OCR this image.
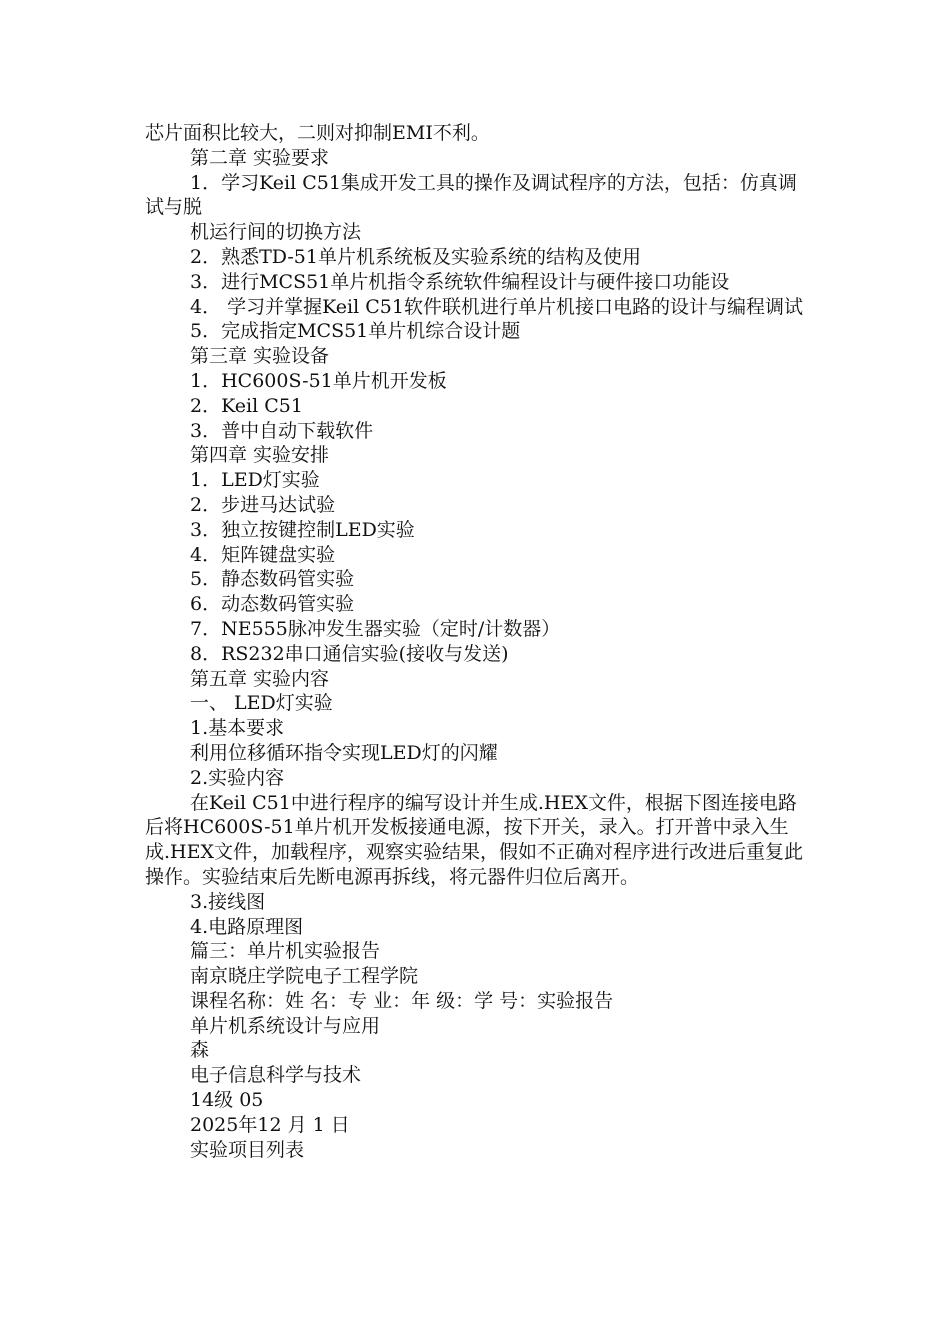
芯片面积比较大，二则对抑制EMI不利。
第二章 实验要求
1．学习Keil C51集成开发工具的操作及调试程序的方法，包括：仿真调试与脱
机运行间的切换方法
2．熟悉TD-51单片机系统板及实验系统的结构及使用
3．进行MCS51单片机指令系统软件编程设计与硬件接口功能设
4． 学习并掌握Keil C51软件联机进行单片机接口电路的设计与编程调试
5．完成指定MCS51单片机综合设计题
第三章 实验设备
1．HC600S-51单片机开发板
2．Keil C51
3．普中自动下载软件
第四章 实验安排
1．LED灯实验
2．步进马达试验
3．独立按键控制LED实验
4．矩阵键盘实验
5．静态数码管实验
6．动态数码管实验
7．NE555脉冲发生器实验（定时/计数器）
8．RS232串口通信实验(接收与发送)
第五章 实验内容
一、 LED灯实验
1.基本要求
利用位移循环指令实现LED灯的闪耀
2.实验内容
在Keil C51中进行程序的编写设计并生成.HEX文件，根据下图连接电路后将HC600S-51单片机开发板接通电源，按下开关，录入。打开普中录入生成.HEX文件，加载程序，观察实验结果，假如不正确对程序进行改进后重复此操作。实验结束后先断电源再拆线，将元器件归位后离开。
3.接线图
4.电路原理图
篇三：单片机实验报告
南京晓庄学院电子工程学院
课程名称：姓 名：专 业：年 级：学 号：实验报告
单片机系统设计与应用
森
电子信息科学与技术
14级 05
2025年12 月 1 日
实验项目列表
